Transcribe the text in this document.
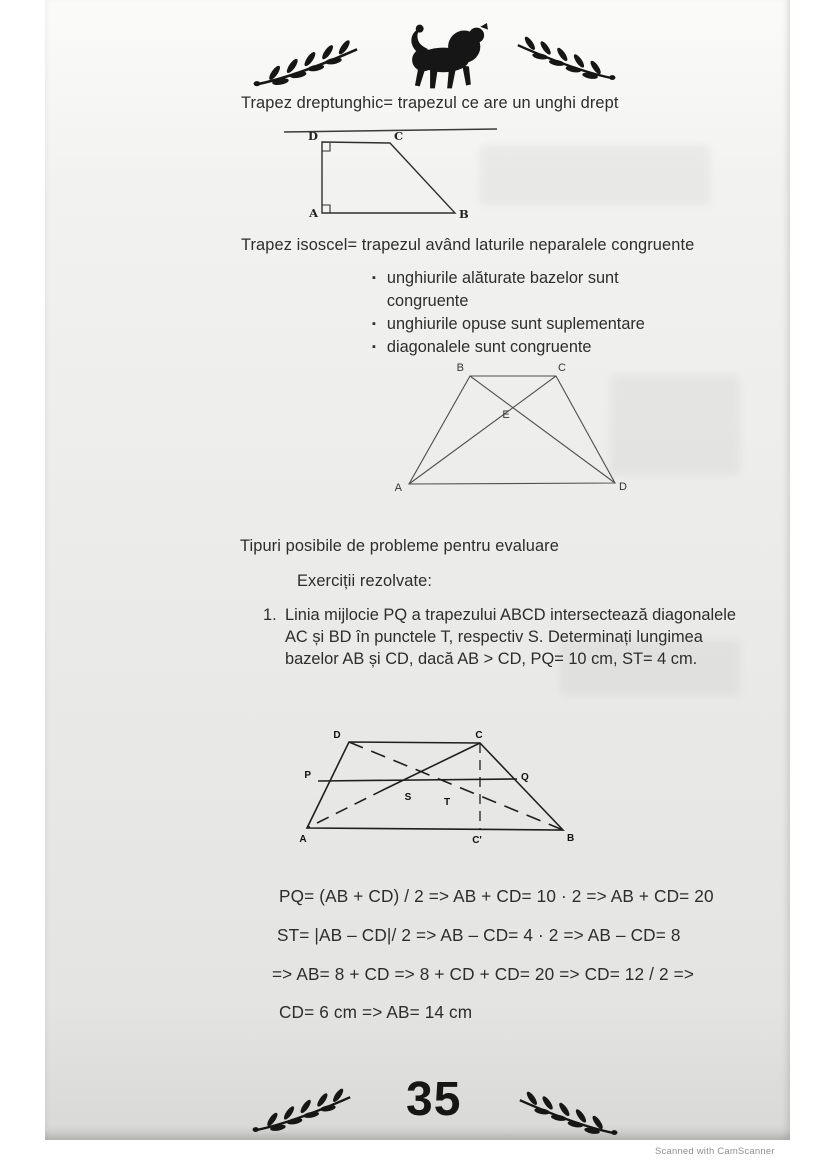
Trapez dreptunghic= trapezul ce are un unghi drept
D	C
A	B
Trapez isoscel= trapezul având laturile neparalele congruente
▪ unghiurile alăturate bazelor sunt congruente
▪ unghiurile opuse sunt suplementare
▪ diagonalele sunt congruente
B	C
E
A	D
Tipuri posibile de probleme pentru evaluare
Exerciții rezolvate:
1. Linia mijlocie PQ a trapezului ABCD intersectează diagonalele AC și BD în punctele T, respectiv S. Determinați lungimea bazelor AB și CD, dacă AB > CD, PQ= 10 cm, ST= 4 cm.
D	C
P	Q
S	T
A	C'	B
PQ= (AB + CD) / 2 => AB + CD= 10 · 2 => AB + CD= 20
ST= |AB – CD|/ 2 => AB – CD= 4 · 2 => AB – CD= 8
=> AB= 8 + CD => 8 + CD + CD= 20 => CD= 12 / 2 =>
CD= 6 cm => AB= 14 cm
35
Scanned with CamScanner
